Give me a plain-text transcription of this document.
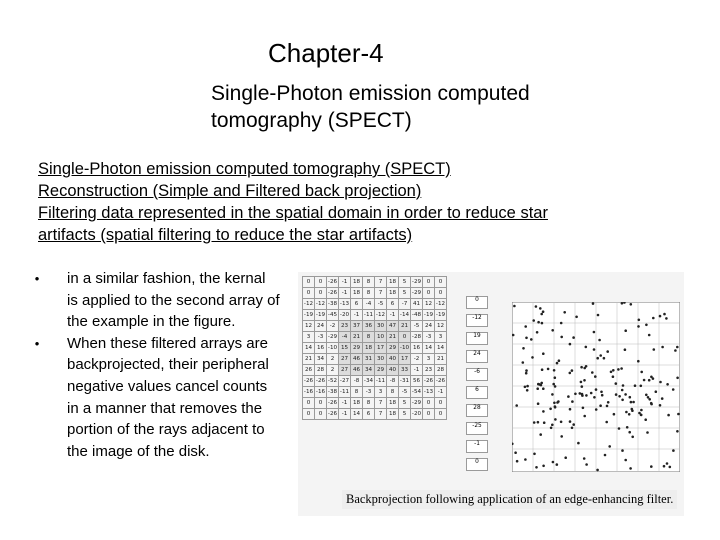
Chapter-4
Single-Photon emission computed
tomography (SPECT)
Single-Photon emission computed tomography (SPECT)
Reconstruction (Simple and Filtered back projection)
Filtering data represented in the spatial domain in order to reduce star
artifacts (spatial filtering to reduce the star artifacts)
•	in a similar fashion, the kernal is applied to the second array of the example in the figure.
•	When these filtered arrays are backprojected, their peripheral negative values cancel counts in a manner that removes the portion of the rays adjacent to the image of the disk.
0	0	-26	-1	18	8	7	18	5	-29	0	0
0	0	-26	-1	18	8	7	18	5	-29	0	0
-12	-12	-38	-13	6	-4	-5	6	-7	41	12	-12
-19	-19	-45	-20	-1	-11	-12	-1	-14	-48	-19	-19
12	24	-2	23	37	36	30	47	21	-5	24	12
3	-3	-29	-4	21	8	10	21	0	-28	-3	3
14	16	-10	15	29	18	17	29	-10	16	14	14
21	34	2	27	46	31	30	40	17	-2	3	21
26	28	2	27	46	34	29	40	33	-1	23	28
-26	-26	-52	-27	-8	-34	-11	-8	-31	56	-26	-26
-16	-16	-38	-11	8	-3	3	8	-5	-54	-13	-1
0	0	-26	-1	18	8	7	18	5	-29	0	0
0	0	-26	-1	14	6	7	18	5	-20	0	0
0
-12
19
24
-6
6
28
-25
-1
0
Backprojection following application of an edge-enhancing filter.
